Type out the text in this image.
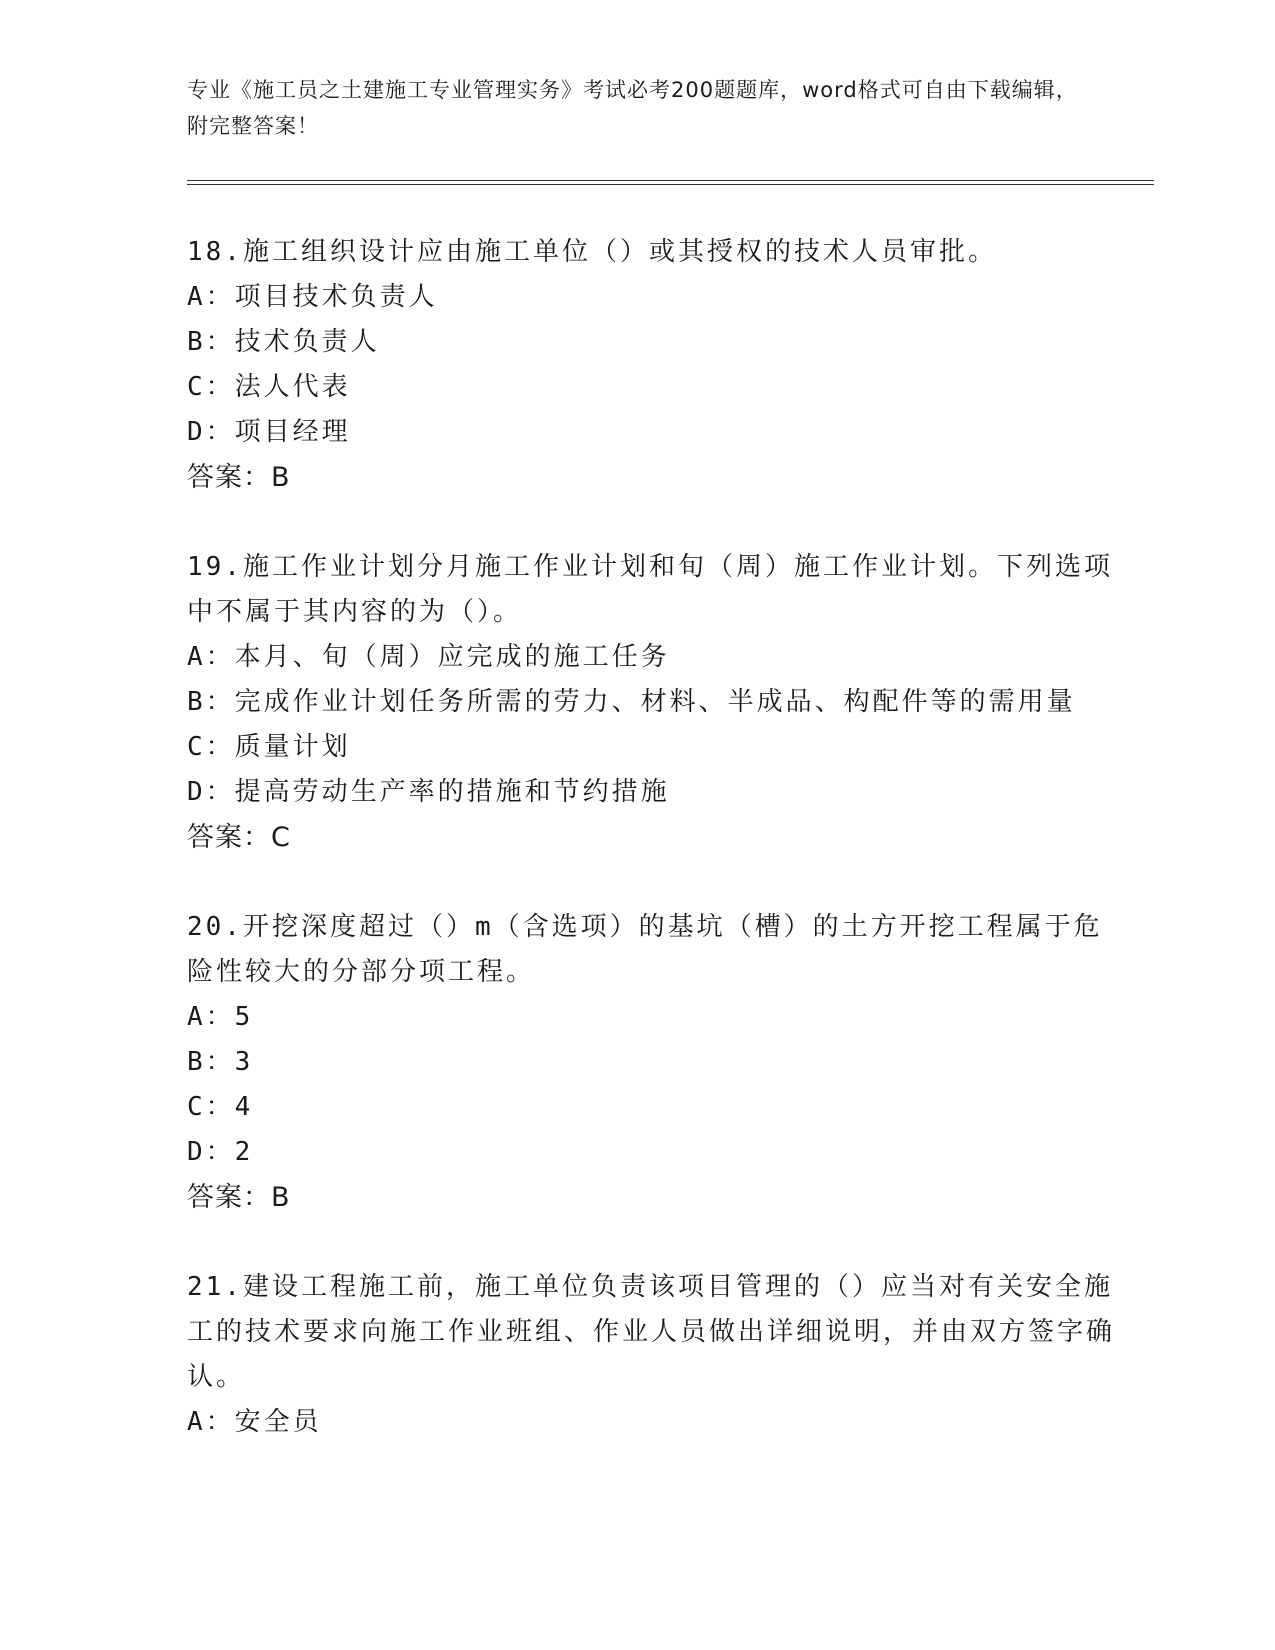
专业《施工员之土建施工专业管理实务》考试必考200题题库，word格式可自由下载编辑，附完整答案！
18.施工组织设计应由施工单位（）或其授权的技术人员审批。
A：项目技术负责人
B：技术负责人
C：法人代表
D：项目经理
答案：B
19.施工作业计划分月施工作业计划和旬（周）施工作业计划。下列选项中不属于其内容的为（）。
A：本月、旬（周）应完成的施工任务
B：完成作业计划任务所需的劳力、材料、半成品、构配件等的需用量
C：质量计划
D：提高劳动生产率的措施和节约措施
答案：C
20.开挖深度超过（）m（含选项）的基坑（槽）的土方开挖工程属于危险性较大的分部分项工程。
A：5
B：3
C：4
D：2
答案：B
21.建设工程施工前，施工单位负责该项目管理的（）应当对有关安全施工的技术要求向施工作业班组、作业人员做出详细说明，并由双方签字确认。
A：安全员
